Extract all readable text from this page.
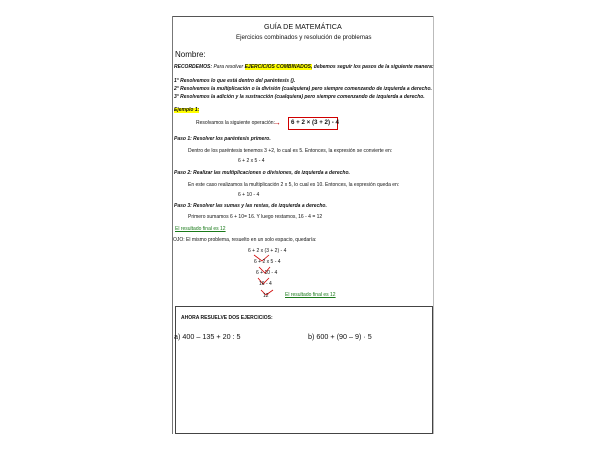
GUÍA DE MATEMÁTICA
Ejercicios combinados y resolución de problemas
Nombre:
RECORDEMOS: Para resolver EJERCICIOS COMBINADOS, debemos seguir los pasos de la siguiente manera:
1° Resolvemos lo que está dentro del paréntesis ().
2° Resolvemos la multiplicación o la división (cualquiera) pero siempre comenzando de izquierda a derecho.
3° Resolvemos la adición y la sustracción (cualquiera) pero siempre comenzando de izquierda a derecho.
Ejemplo 1:
Resolvamos la siguiente operación:
→ 6 + 2 × (3 + 2) - 4
Paso 1: Resolver los paréntesis primero.
Dentro de los paréntesis tenemos 3 +2, lo cual es 5. Entonces, la expresión se convierte en:
6 + 2 x 5 - 4
Paso 2: Realizar las multiplicaciones o divisiones, de izquierda a derecho.
En este caso realizamos la multiplicación 2 x 5, lo cual es 10. Entonces, la expresión queda en:
6 + 10 - 4
Paso 3: Resolver las sumas y las restas, de izquierda a derecho.
Primero sumamos 6 + 10= 16. Y luego restamos, 16 - 4 = 12
El resultado final es 12
OJO: El mismo problema, resuelto en un solo espacio, quedaría:
6 + 2 x (3 + 2) - 4
6 + 2 x 5 - 4
6 + 10 - 4
16 - 4
12	El resultado final es 12
AHORA RESUELVE DOS EJERCICIOS:
a) 400 – 135 + 20 : 5	b) 600 + (90 – 9) · 5
